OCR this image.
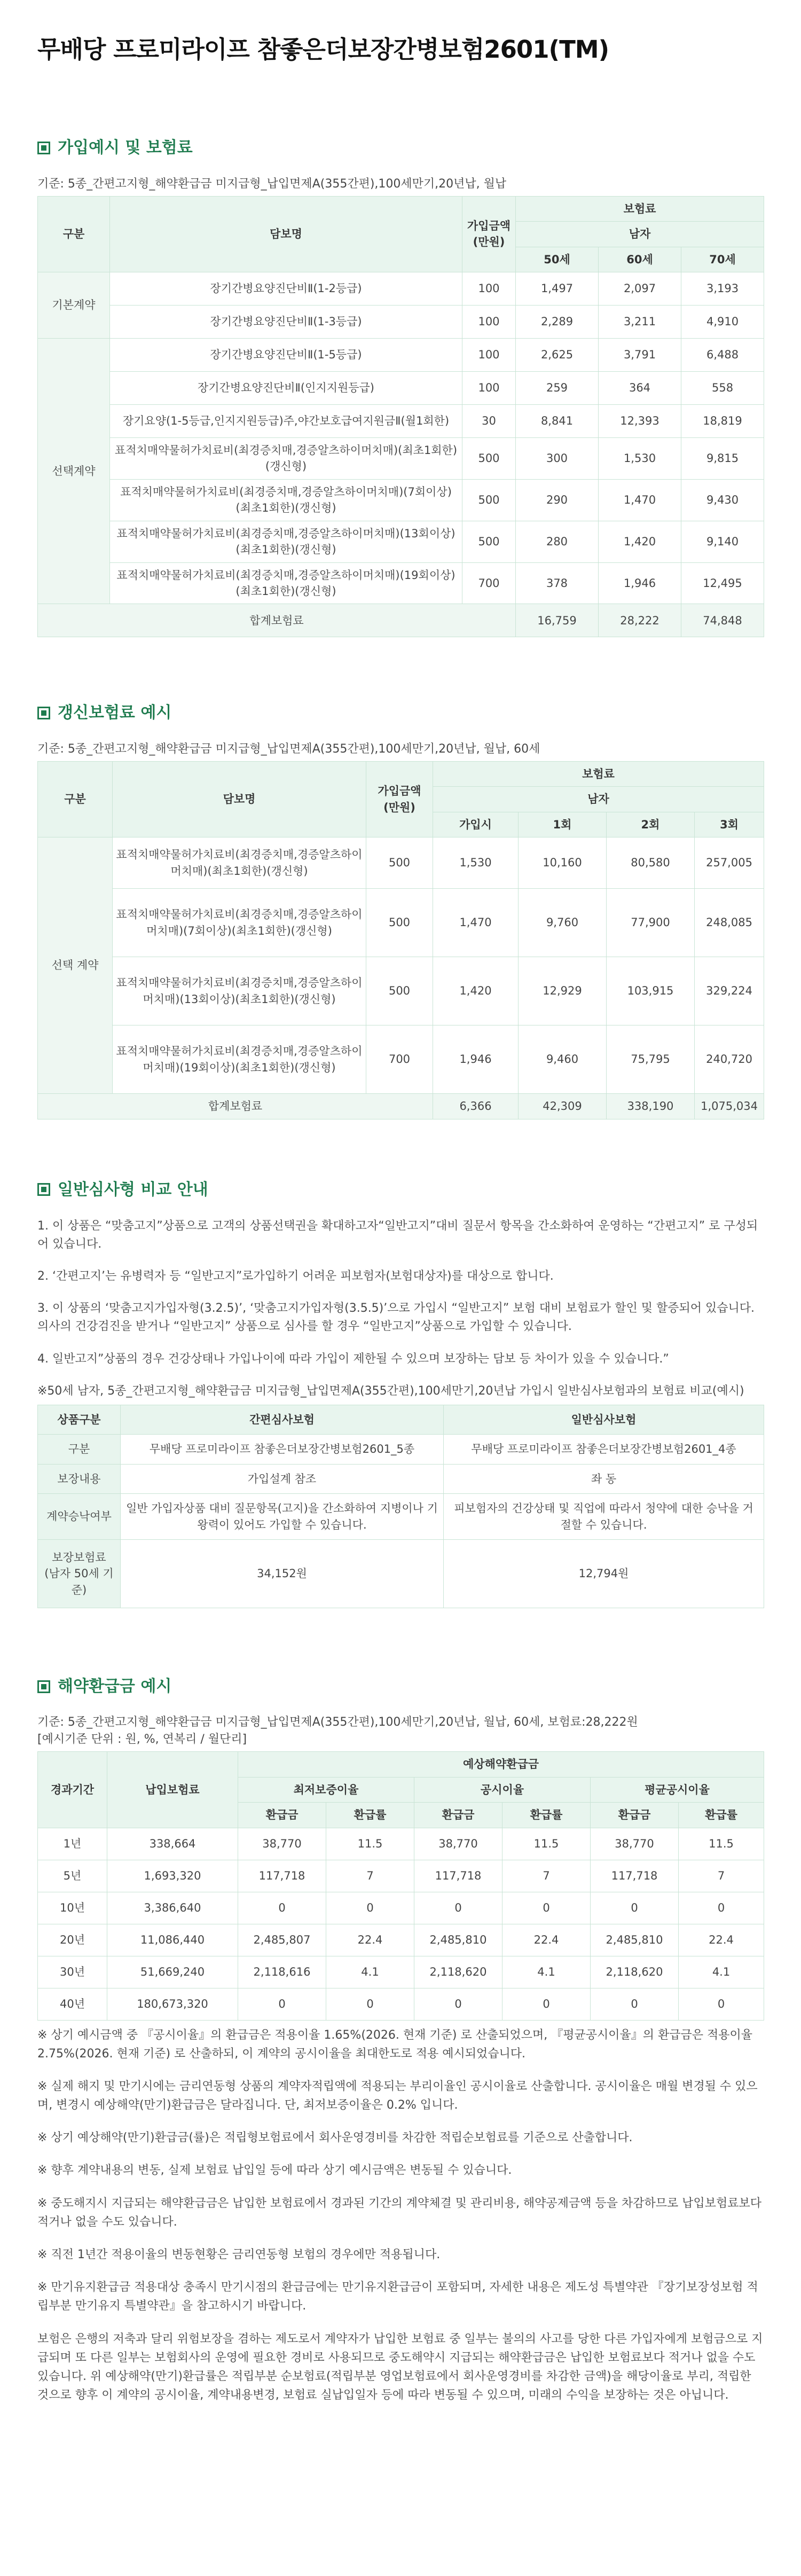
무배당 프로미라이프 참좋은더보장간병보험2601(TM)
가입예시 및 보험료
기준: 5종_간편고지형_해약환급금 미지급형_납입면제A(355간편),100세만기,20년납, 월납
구분	담보명	가입금액 (만원)	보험료		
			남자		
			50세	60세	70세
기본계약	장기간병요양진단비Ⅱ(1-2등급)	100	1,497	2,097	3,193
	장기간병요양진단비Ⅱ(1-3등급)	100	2,289	3,211	4,910
선택계약	장기간병요양진단비Ⅱ(1-5등급)	100	2,625	3,791	6,488
	장기간병요양진단비Ⅱ(인지지원등급)	100	259	364	558
	장기요양(1-5등급,인지지원등급)주,야간보호급여지원금Ⅱ(월1회한)	30	8,841	12,393	18,819
	표적치매약물허가치료비(최경증치매,경증알츠하이머치매)(최초1회한)(갱신형)	500	300	1,530	9,815
	표적치매약물허가치료비(최경증치매,경증알츠하이머치매)(7회이상)(최초1회한)(갱신형)	500	290	1,470	9,430
	표적치매약물허가치료비(최경증치매,경증알츠하이머치매)(13회이상)(최초1회한)(갱신형)	500	280	1,420	9,140
	표적치매약물허가치료비(최경증치매,경증알츠하이머치매)(19회이상)(최초1회한)(갱신형)	700	378	1,946	12,495
합계보험료			16,759	28,222	74,848
갱신보험료 예시
기준: 5종_간편고지형_해약환급금 미지급형_납입면제A(355간편),100세만기,20년납, 월납, 60세
구분	담보명	가입금액 (만원)	보험료			
			남자			
			가입시	1회	2회	3회
선택 계약	표적치매약물허가치료비(최경증치매,경증알츠하이머치매)(최초1회한)(갱신형)	500	1,530	10,160	80,580	257,005
	표적치매약물허가치료비(최경증치매,경증알츠하이머치매)(7회이상)(최초1회한)(갱신형)	500	1,470	9,760	77,900	248,085
	표적치매약물허가치료비(최경증치매,경증알츠하이머치매)(13회이상)(최초1회한)(갱신형)	500	1,420	12,929	103,915	329,224
	표적치매약물허가치료비(최경증치매,경증알츠하이머치매)(19회이상)(최초1회한)(갱신형)	700	1,946	9,460	75,795	240,720
합계보험료			6,366	42,309	338,190	1,075,034
일반심사형 비교 안내

1. 이 상품은 “맞춤고지”상품으로 고객의 상품선택권을 확대하고자“일반고지”대비 질문서 항목을 간소화하여 운영하는 “간편고지” 로 구성되어 있습니다.

2. ‘간편고지’는 유병력자 등 “일반고지”로가입하기 어려운 피보험자(보험대상자)를 대상으로 합니다.

3. 이 상품의 ‘맞춤고지가입자형(3.2.5)’, ‘맞춤고지가입자형(3.5.5)’으로 가입시 “일반고지” 보험 대비 보험료가 할인 및 할증되어 있습니다. 의사의 건강검진을 받거나 “일반고지” 상품으로 심사를 할 경우 “일반고지”상품으로 가입할 수 있습니다.

4. 일반고지”상품의 경우 건강상태나 가입나이에 따라 가입이 제한될 수 있으며 보장하는 담보 등 차이가 있을 수 있습니다.”

※50세 남자, 5종_간편고지형_해약환급금 미지급형_납입면제A(355간편),100세만기,20년납 가입시 일반심사보험과의 보험료 비교(예시)

상품구분	간편심사보험	일반심사보험
구분	무배당 프로미라이프 참좋은더보장간병보험2601_5종	무배당 프로미라이프 참좋은더보장간병보험2601_4종
보장내용	가입설계 참조	좌 동
계약승낙여부	일반 가입자상품 대비 질문항목(고지)을 간소화하여 지병이나 기왕력이 있어도 가입할 수 있습니다.	피보험자의 건강상태 및 직업에 따라서 청약에 대한 승낙을 거절할 수 있습니다.
보장보험료 (남자 50세 기준)	34,152원	12,794원
해약환급금 예시
기준: 5종_간편고지형_해약환급금 미지급형_납입면제A(355간편),100세만기,20년납, 월납, 60세, 보험료:28,222원
[예시기준 단위 : 원, %, 연복리 / 월단리]
경과기간	납입보험료	예상해약환급금					
		최저보증이율		공시이율		평균공시이율	
		환급금	환급률	환급금	환급률	환급금	환급률
1년	338,664	38,770	11.5	38,770	11.5	38,770	11.5
5년	1,693,320	117,718	7	117,718	7	117,718	7
10년	3,386,640	0	0	0	0	0	0
20년	11,086,440	2,485,807	22.4	2,485,810	22.4	2,485,810	22.4
30년	51,669,240	2,118,616	4.1	2,118,620	4.1	2,118,620	4.1
40년	180,673,320	0	0	0	0	0	0

※ 상기 예시금액 중 『공시이율』의 환급금은 적용이율 1.65%(2026. 현재 기준) 로 산출되었으며, 『평균공시이율』의 환급금은 적용이율 2.75%(2026. 현재 기준) 로 산출하되, 이 계약의 공시이율을 최대한도로 적용 예시되었습니다.

※ 실제 해지 및 만기시에는 금리연동형 상품의 계약자적립액에 적용되는 부리이율인 공시이율로 산출합니다. 공시이율은 매월 변경될 수 있으며, 변경시 예상해약(만기)환급금은 달라집니다. 단, 최저보증이율은 0.2% 입니다.

※ 상기 예상해약(만기)환급금(률)은 적립형보험료에서 회사운영경비를 차감한 적립순보험료를 기준으로 산출합니다.

※ 향후 계약내용의 변동, 실제 보험료 납입일 등에 따라 상기 예시금액은 변동될 수 있습니다.

※ 중도해지시 지급되는 해약환급금은 납입한 보험료에서 경과된 기간의 계약체결 및 관리비용, 해약공제금액 등을 차감하므로 납입보험료보다 적거나 없을 수도 있습니다.

※ 직전 1년간 적용이율의 변동현황은 금리연동형 보험의 경우에만 적용됩니다.

※ 만기유지환급금 적용대상 충족시 만기시점의 환급금에는 만기유지환급금이 포함되며, 자세한 내용은 제도성 특별약관 『장기보장성보험 적립부분 만기유지 특별약관』을 참고하시기 바랍니다.

보험은 은행의 저축과 달리 위험보장을 겸하는 제도로서 계약자가 납입한 보험료 중 일부는 불의의 사고를 당한 다른 가입자에게 보험금으로 지급되며 또 다른 일부는 보험회사의 운영에 필요한 경비로 사용되므로 중도해약시 지급되는 해약환급금은 납입한 보험료보다 적거나 없을 수도 있습니다. 위 예상해약(만기)환급률은 적립부분 순보험료(적립부분 영업보험료에서 회사운영경비를 차감한 금액)을 해당이율로 부리, 적립한 것으로 향후 이 계약의 공시이율, 계약내용변경, 보험료 실납입일자 등에 따라 변동될 수 있으며, 미래의 수익을 보장하는 것은 아닙니다.
